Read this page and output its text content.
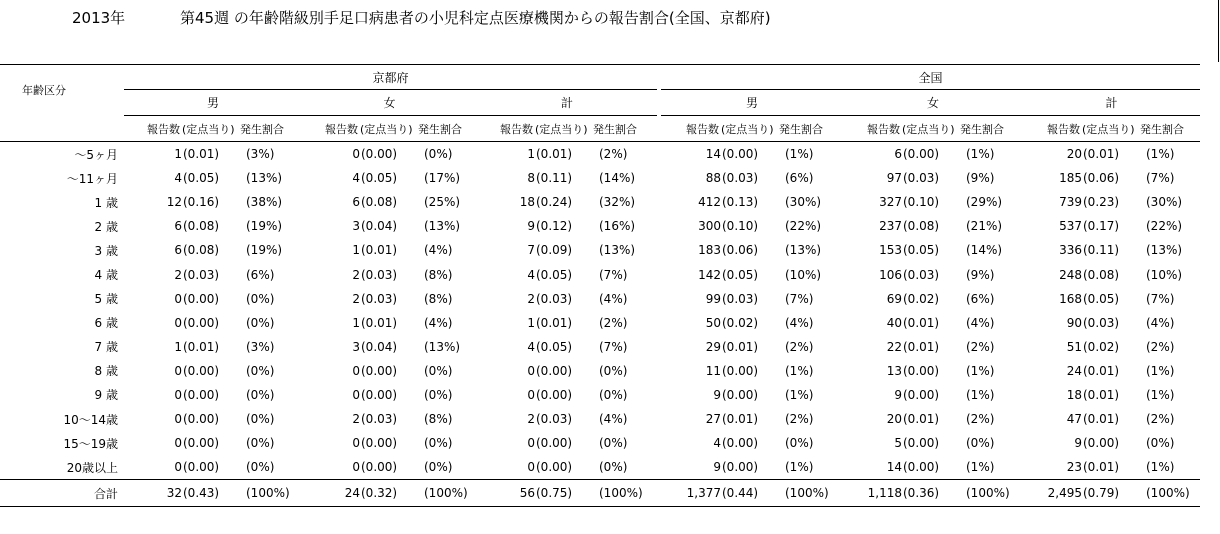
2013年	第45週 の年齢階級別手足口病患者の小児科定点医療機関からの報告割合(全国、京都府)
年齢区分	京都府										全国								
	男			女			計				男			女			計		
	報告数	(定点当り)	発生割合	報告数	(定点当り)	発生割合	報告数	(定点当り)	発生割合		報告数	(定点当り)	発生割合	報告数	(定点当り)	発生割合	報告数	(定点当り)	発生割合
～5ヶ月	1	(0.01)	(3%)	0	(0.00)	(0%)	1	(0.01)	(2%)		14	(0.00)	(1%)	6	(0.00)	(1%)	20	(0.01)	(1%)
～11ヶ月	4	(0.05)	(13%)	4	(0.05)	(17%)	8	(0.11)	(14%)		88	(0.03)	(6%)	97	(0.03)	(9%)	185	(0.06)	(7%)
1 歳	12	(0.16)	(38%)	6	(0.08)	(25%)	18	(0.24)	(32%)		412	(0.13)	(30%)	327	(0.10)	(29%)	739	(0.23)	(30%)
2 歳	6	(0.08)	(19%)	3	(0.04)	(13%)	9	(0.12)	(16%)		300	(0.10)	(22%)	237	(0.08)	(21%)	537	(0.17)	(22%)
3 歳	6	(0.08)	(19%)	1	(0.01)	(4%)	7	(0.09)	(13%)		183	(0.06)	(13%)	153	(0.05)	(14%)	336	(0.11)	(13%)
4 歳	2	(0.03)	(6%)	2	(0.03)	(8%)	4	(0.05)	(7%)		142	(0.05)	(10%)	106	(0.03)	(9%)	248	(0.08)	(10%)
5 歳	0	(0.00)	(0%)	2	(0.03)	(8%)	2	(0.03)	(4%)		99	(0.03)	(7%)	69	(0.02)	(6%)	168	(0.05)	(7%)
6 歳	0	(0.00)	(0%)	1	(0.01)	(4%)	1	(0.01)	(2%)		50	(0.02)	(4%)	40	(0.01)	(4%)	90	(0.03)	(4%)
7 歳	1	(0.01)	(3%)	3	(0.04)	(13%)	4	(0.05)	(7%)		29	(0.01)	(2%)	22	(0.01)	(2%)	51	(0.02)	(2%)
8 歳	0	(0.00)	(0%)	0	(0.00)	(0%)	0	(0.00)	(0%)		11	(0.00)	(1%)	13	(0.00)	(1%)	24	(0.01)	(1%)
9 歳	0	(0.00)	(0%)	0	(0.00)	(0%)	0	(0.00)	(0%)		9	(0.00)	(1%)	9	(0.00)	(1%)	18	(0.01)	(1%)
10～14歳	0	(0.00)	(0%)	2	(0.03)	(8%)	2	(0.03)	(4%)		27	(0.01)	(2%)	20	(0.01)	(2%)	47	(0.01)	(2%)
15～19歳	0	(0.00)	(0%)	0	(0.00)	(0%)	0	(0.00)	(0%)		4	(0.00)	(0%)	5	(0.00)	(0%)	9	(0.00)	(0%)
20歳以上	0	(0.00)	(0%)	0	(0.00)	(0%)	0	(0.00)	(0%)		9	(0.00)	(1%)	14	(0.00)	(1%)	23	(0.01)	(1%)
合計	32	(0.43)	(100%)	24	(0.32)	(100%)	56	(0.75)	(100%)		1,377	(0.44)	(100%)	1,118	(0.36)	(100%)	2,495	(0.79)	(100%)
